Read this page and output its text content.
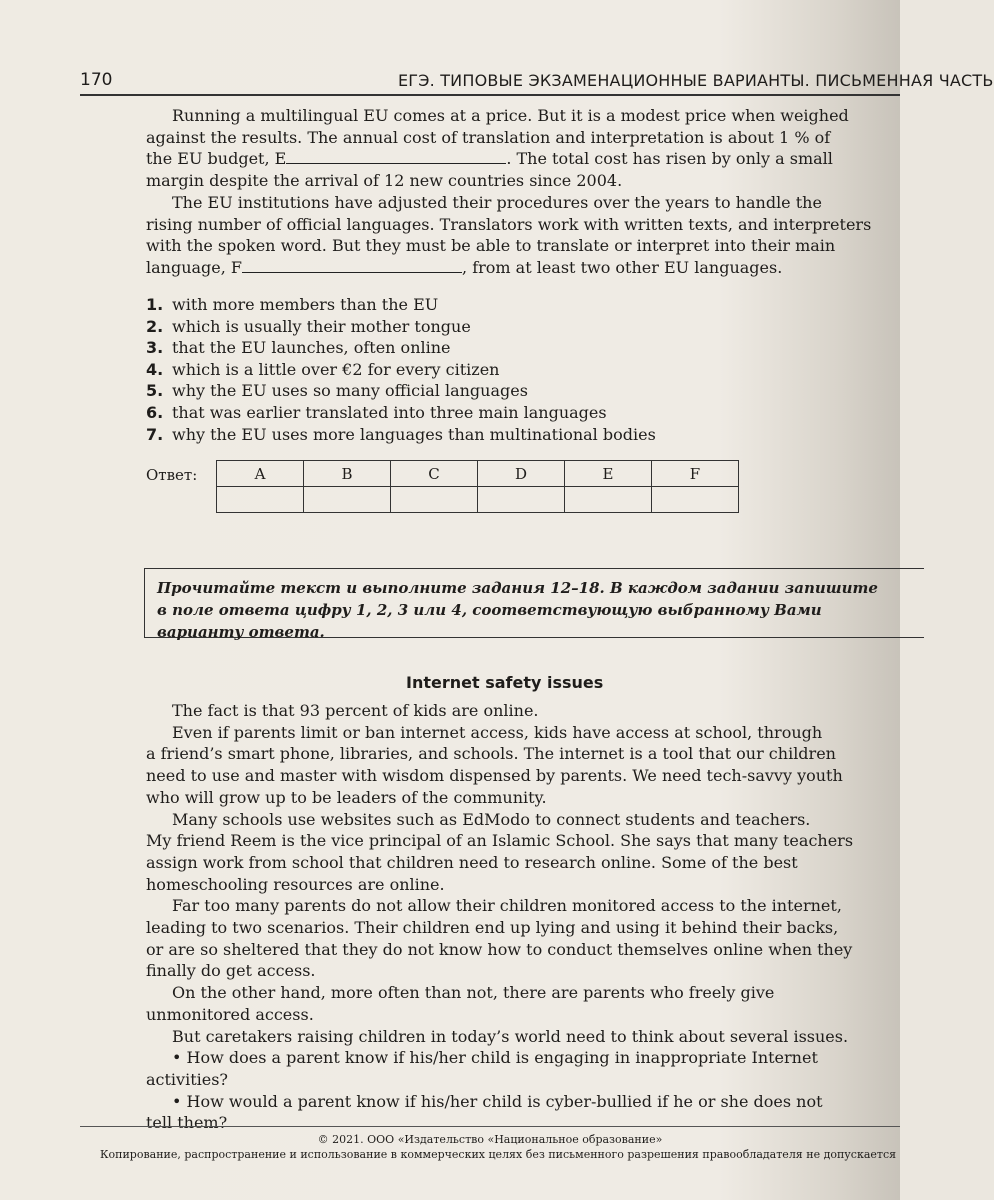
170	ЕГЭ. ТИПОВЫЕ ЭКЗАМЕНАЦИОННЫЕ ВАРИАНТЫ. ПИСЬМЕННАЯ ЧАСТЬ
Running a multilingual EU comes at a price. But it is a modest price when weighed
against the results. The annual cost of translation and interpretation is about 1 % of
the EU budget, E	. The total cost has risen by only a small
margin despite the arrival of 12 new countries since 2004.
The EU institutions have adjusted their procedures over the years to handle the
rising number of official languages. Translators work with written texts, and interpreters
with the spoken word. But they must be able to translate or interpret into their main
language, F	, from at least two other EU languages.
1. with more members than the EU
2. which is usually their mother tongue
3. that the EU launches, often online
4. which is a little over €2 for every citizen
5. why the EU uses so many official languages
6. that was earlier translated into three main languages
7. why the EU uses more languages than multinational bodies
Ответ:	A	B	C	D	E	F

Прочитайте текст и выполните задания 12–18. В каждом задании запишите
в поле ответа цифру 1, 2, 3 или 4, соответствующую выбранному Вами
варианту ответа.
Internet safety issues
The fact is that 93 percent of kids are online.
Even if parents limit or ban internet access, kids have access at school, through
a friend’s smart phone, libraries, and schools. The internet is a tool that our children
need to use and master with wisdom dispensed by parents. We need tech-savvy youth
who will grow up to be leaders of the community.
Many schools use websites such as EdModo to connect students and teachers.
My friend Reem is the vice principal of an Islamic School. She says that many teachers
assign work from school that children need to research online. Some of the best
homeschooling resources are online.
Far too many parents do not allow their children monitored access to the internet,
leading to two scenarios. Their children end up lying and using it behind their backs,
or are so sheltered that they do not know how to conduct themselves online when they
finally do get access.
On the other hand, more often than not, there are parents who freely give
unmonitored access.
But caretakers raising children in today’s world need to think about several issues.
• How does a parent know if his/her child is engaging in inappropriate Internet
activities?
• How would a parent know if his/her child is cyber-bullied if he or she does not
tell them?
© 2021. ООО «Издательство «Национальное образование»
Копирование, распространение и использование в коммерческих целях без письменного разрешения правообладателя не допускается
